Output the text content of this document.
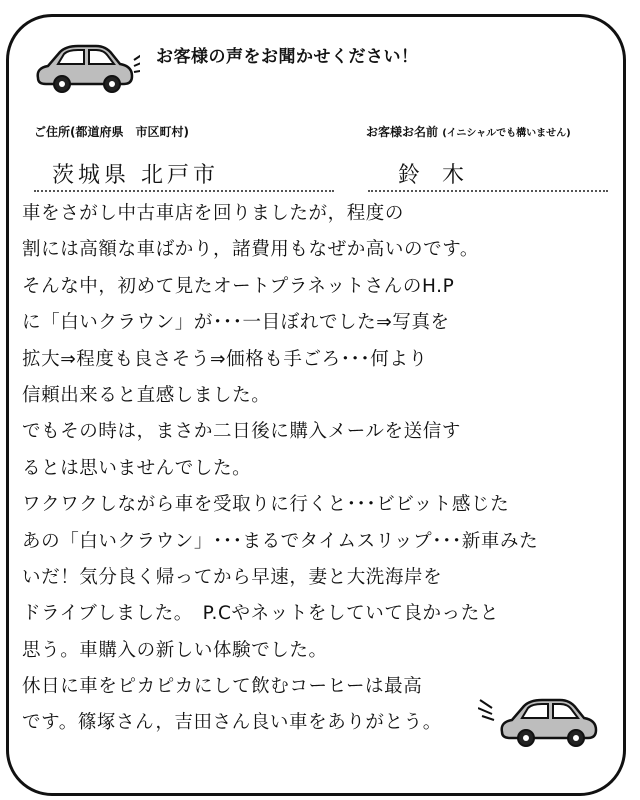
お客様の声をお聞かせください！
ご住所(都道府県　市区町村)	お客様お名前 (イニシャルでも構いません)
茨城県 北戸市	鈴木
車をさがし中古車店を回りましたが，程度の
割には高額な車ばかり，諸費用もなぜか高いのです。
そんな中，初めて見たオートプラネットさんのH.P
に「白いクラウン」が･･･一目ぼれでした⇒写真を
拡大⇒程度も良さそう⇒価格も手ごろ･･･何より
信頼出来ると直感しました。
でもその時は，まさか二日後に購入メールを送信す
るとは思いませんでした。
ワクワクしながら車を受取りに行くと･･･ビビット感じた
あの「白いクラウン」･･･まるでタイムスリップ･･･新車みた
いだ！気分良く帰ってから早速，妻と大洗海岸を
ドライブしました。　P.Cやネットをしていて良かったと
思う。車購入の新しい体験でした。
休日に車をピカピカにして飲むコーヒーは最高
です。篠塚さん，吉田さん良い車をありがとう。
